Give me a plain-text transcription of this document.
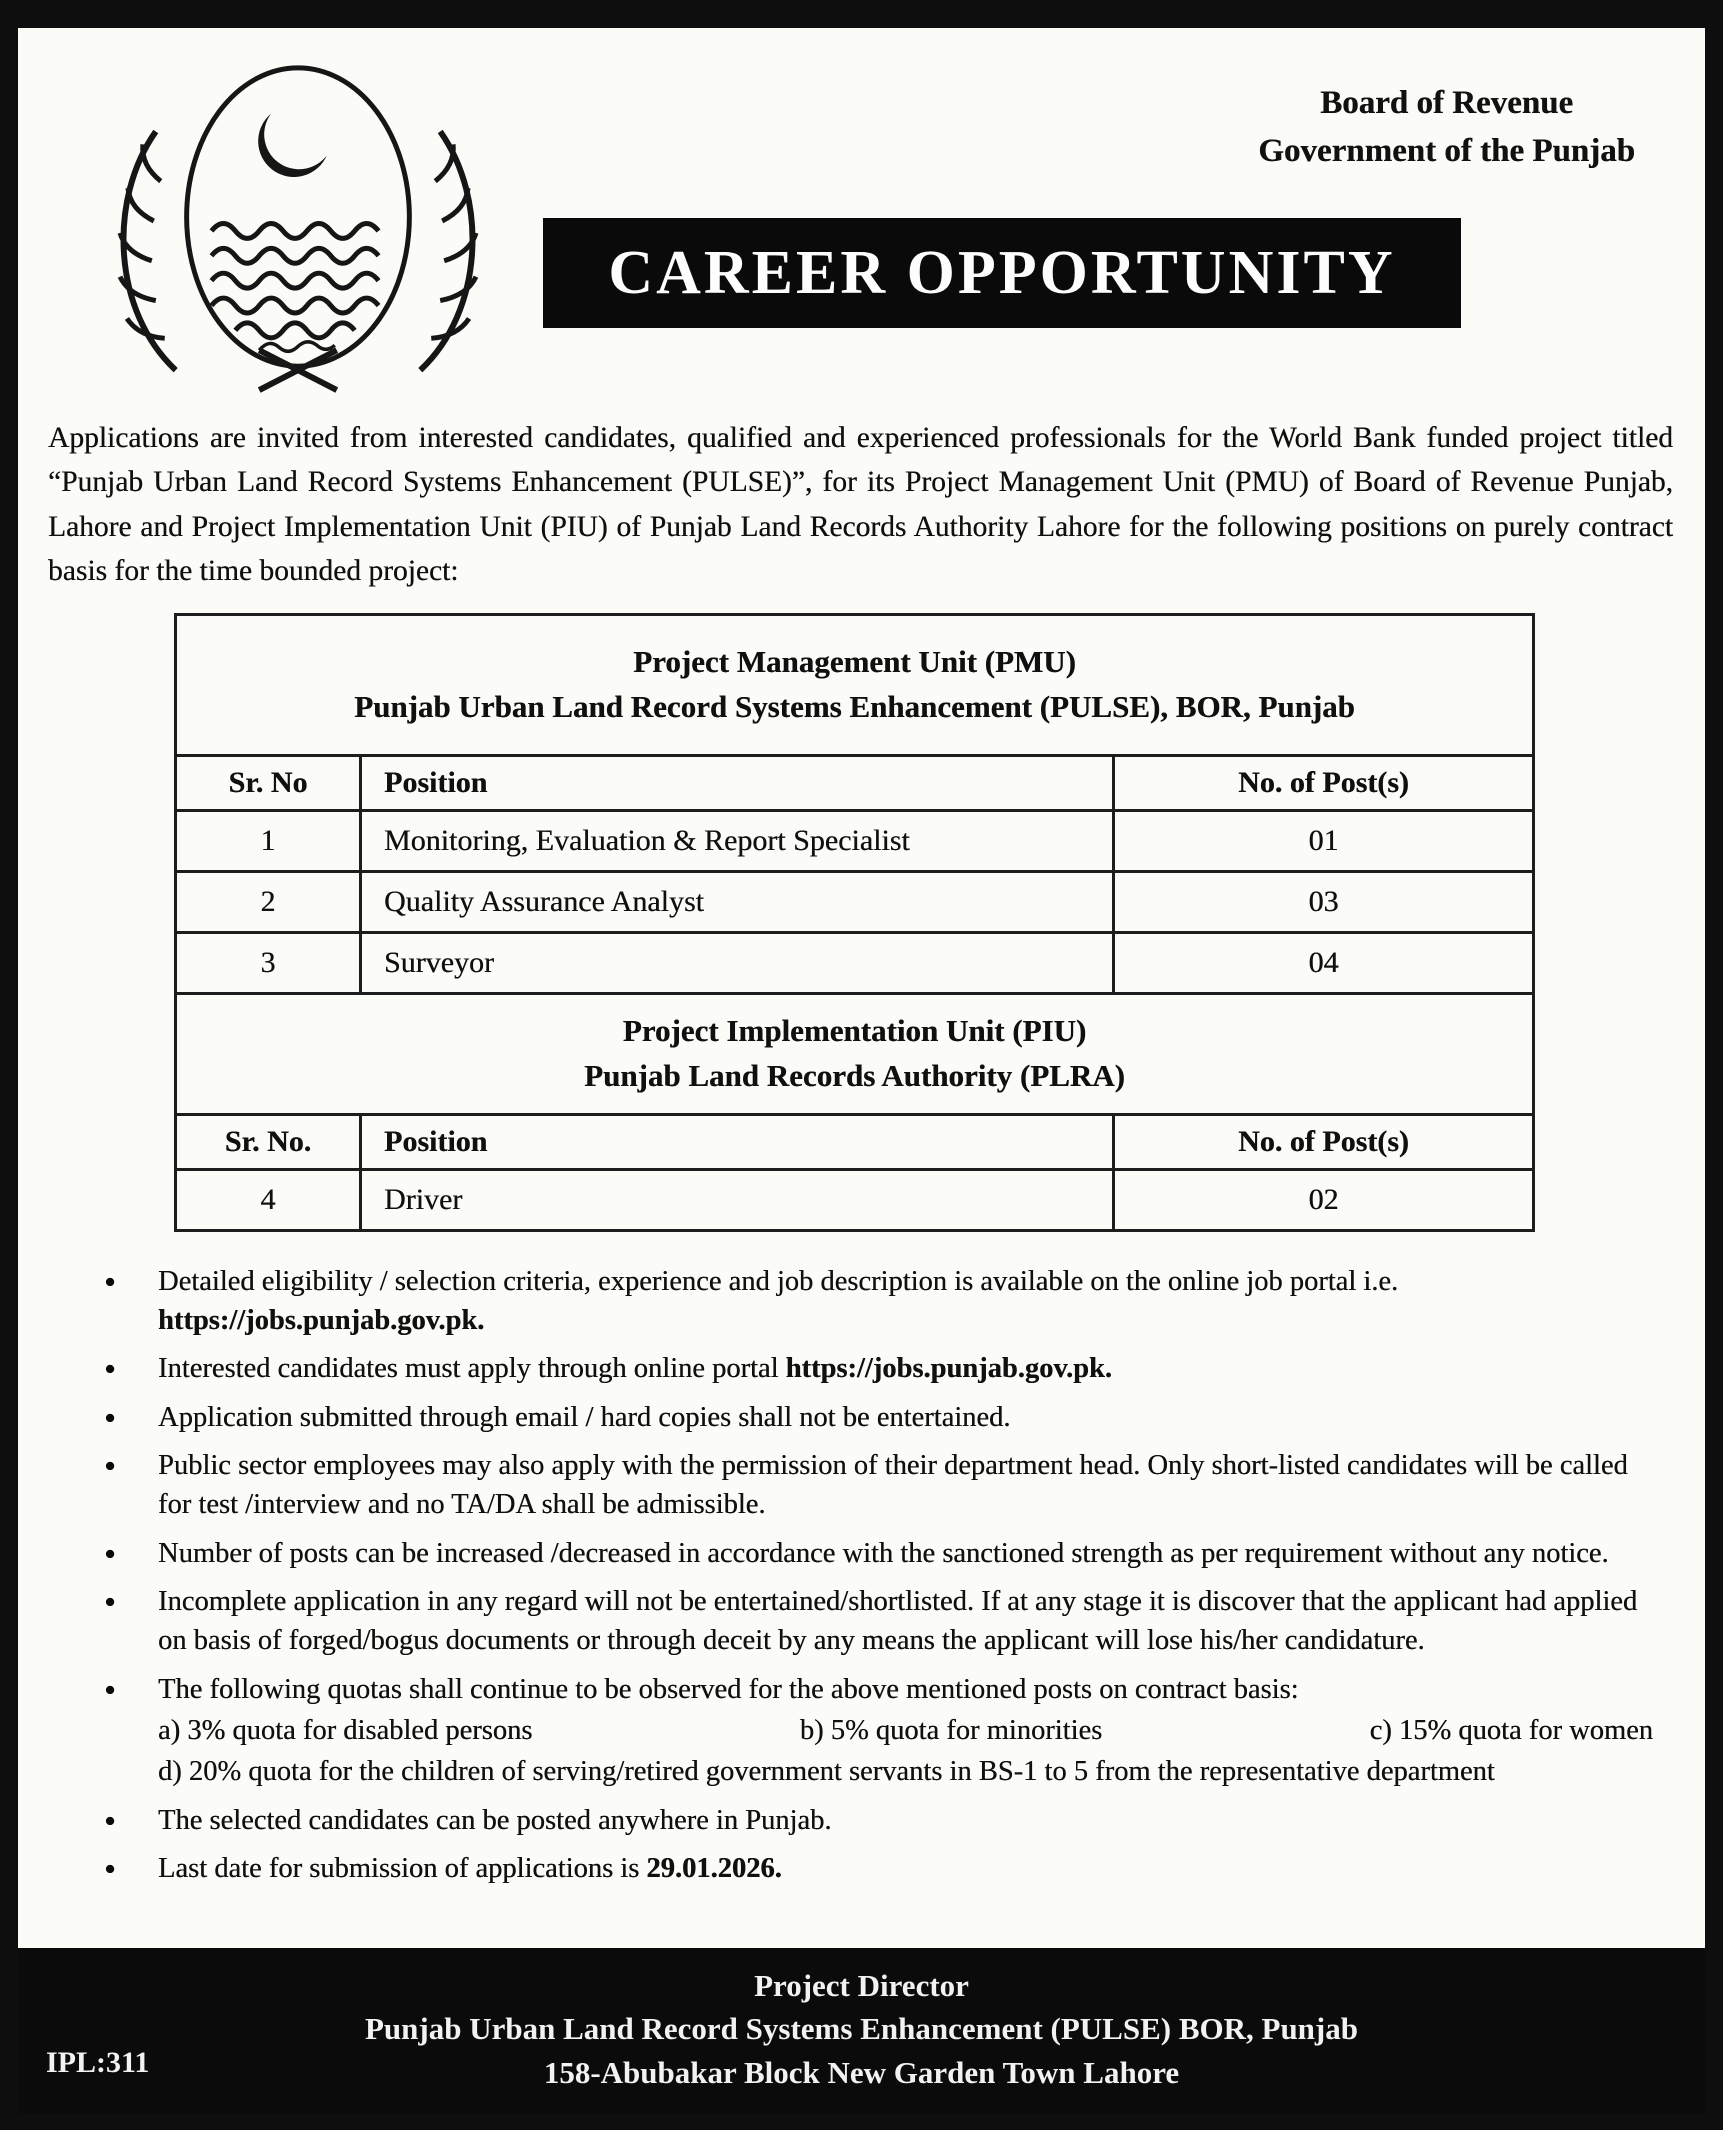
Board of Revenue
Government of the Punjab
CAREER OPPORTUNITY

Applications are invited from interested candidates, qualified and experienced professionals for the World Bank funded project titled “Punjab Urban Land Record Systems Enhancement (PULSE)”, for its Project Management Unit (PMU) of Board of Revenue Punjab, Lahore and Project Implementation Unit (PIU) of Punjab Land Records Authority Lahore for the following positions on purely contract basis for the time bounded project:

Project Management Unit (PMU)
Punjab Urban Land Record Systems Enhancement (PULSE), BOR, Punjab		

Sr. No	Position	No. of Post(s)
1	Monitoring, Evaluation & Report Specialist	01
2	Quality Assurance Analyst	03
3	Surveyor	04

Project Implementation Unit (PIU)
Punjab Land Records Authority (PLRA)		

Sr. No.	Position	No. of Post(s)
4	Driver	02
• Detailed eligibility / selection criteria, experience and job description is available on the online job portal i.e. https://jobs.punjab.gov.pk.
• Interested candidates must apply through online portal https://jobs.punjab.gov.pk.
• Application submitted through email / hard copies shall not be entertained.
• Public sector employees may also apply with the permission of their department head. Only short-listed candidates will be called for test /interview and no TA/DA shall be admissible.
• Number of posts can be increased /decreased in accordance with the sanctioned strength as per requirement without any notice.
• Incomplete application in any regard will not be entertained/shortlisted. If at any stage it is discover that the applicant had applied on basis of forged/bogus documents or through deceit by any means the applicant will lose his/her candidature.
• The following quotas shall continue to be observed for the above mentioned posts on contract basis:
a) 3% quota for disabled persons	b) 5% quota for minorities	c) 15% quota for women
d) 20% quota for the children of serving/retired government servants in BS-1 to 5 from the representative department
• The selected candidates can be posted anywhere in Punjab.
• Last date for submission of applications is 29.01.2026.
IPL:311
Project Director
Punjab Urban Land Record Systems Enhancement (PULSE) BOR, Punjab
158-Abubakar Block New Garden Town Lahore
